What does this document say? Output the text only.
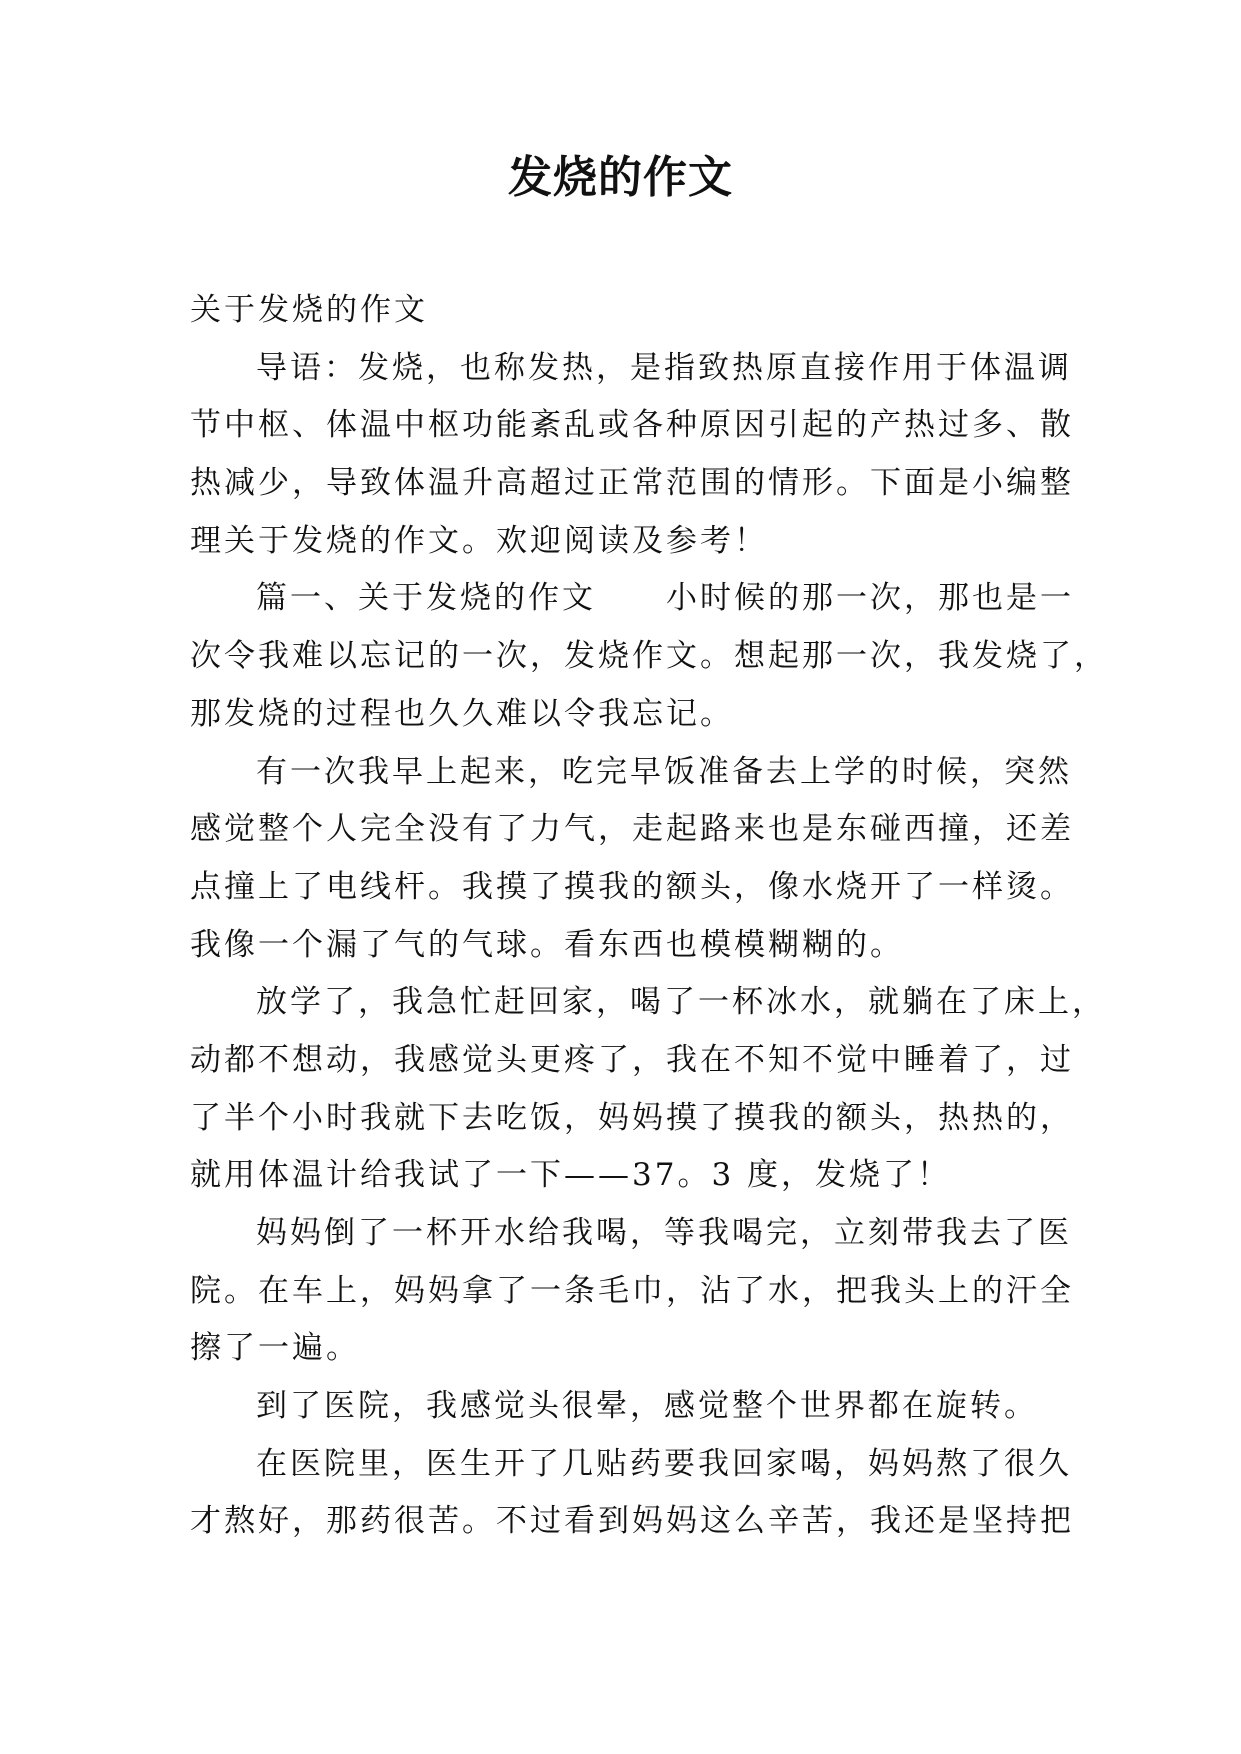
发烧的作文
关于发烧的作文
导语：发烧，也称发热，是指致热原直接作用于体温调
节中枢、体温中枢功能紊乱或各种原因引起的产热过多、散
热减少，导致体温升高超过正常范围的情形。下面是小编整
理关于发烧的作文。欢迎阅读及参考！
篇一、关于发烧的作文 小时候的那一次，那也是一
次令我难以忘记的一次，发烧作文。想起那一次，我发烧了，
那发烧的过程也久久难以令我忘记。
有一次我早上起来，吃完早饭准备去上学的时候，突然
感觉整个人完全没有了力气，走起路来也是东碰西撞，还差
点撞上了电线杆。我摸了摸我的额头，像水烧开了一样烫。
我像一个漏了气的气球。看东西也模模糊糊的。
放学了，我急忙赶回家，喝了一杯冰水，就躺在了床上，
动都不想动，我感觉头更疼了，我在不知不觉中睡着了，过
了半个小时我就下去吃饭，妈妈摸了摸我的额头，热热的，
就用体温计给我试了一下——37。3 度，发烧了！
妈妈倒了一杯开水给我喝，等我喝完，立刻带我去了医
院。在车上，妈妈拿了一条毛巾，沾了水，把我头上的汗全
擦了一遍。
到了医院，我感觉头很晕，感觉整个世界都在旋转。
在医院里，医生开了几贴药要我回家喝，妈妈熬了很久
才熬好，那药很苦。不过看到妈妈这么辛苦，我还是坚持把
